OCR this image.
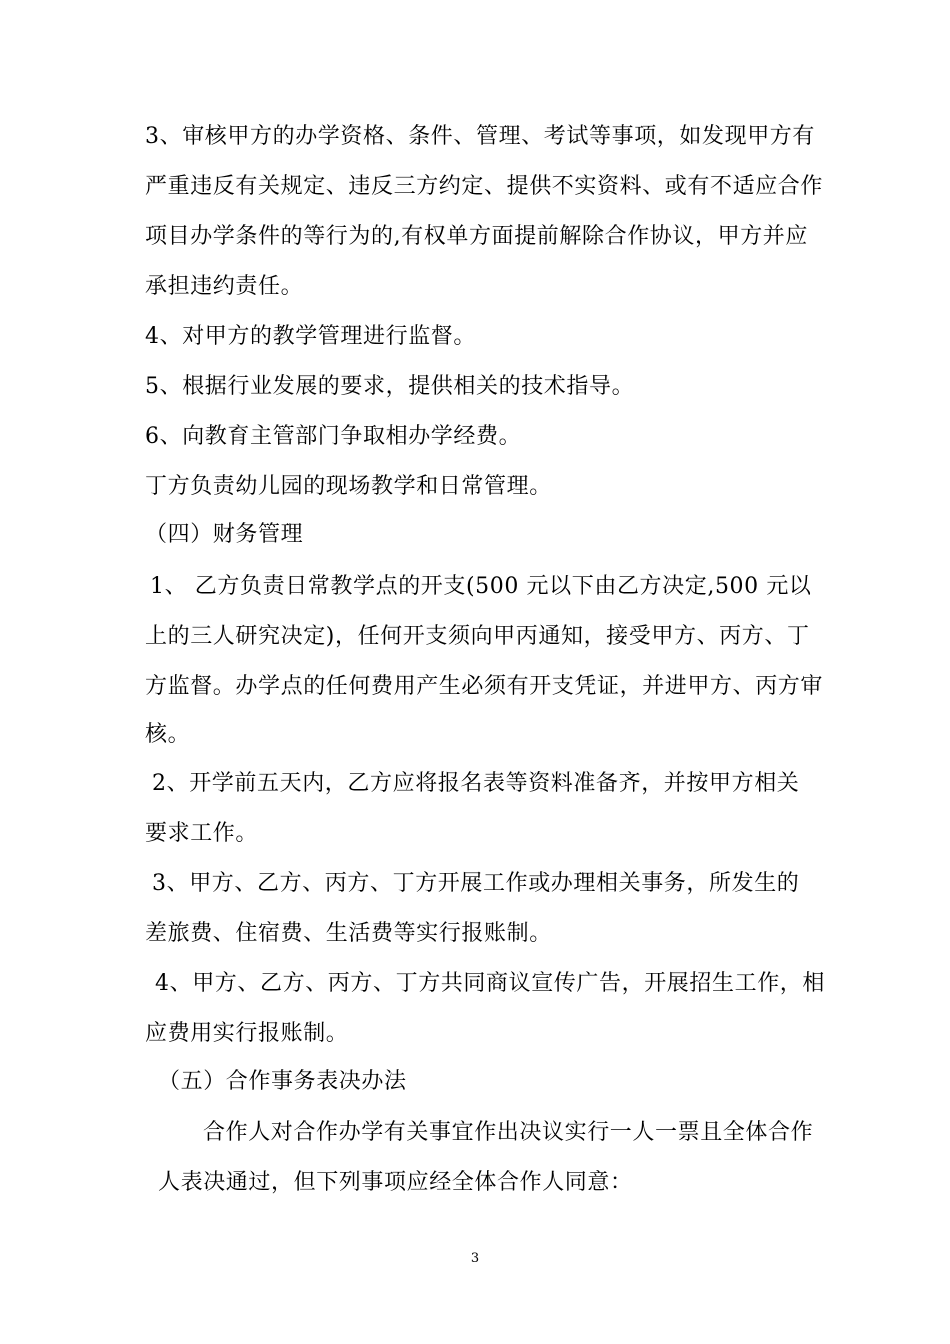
3、审核甲方的办学资格、条件、管理、考试等事项，如发现甲方有
严重违反有关规定、违反三方约定、提供不实资料、或有不适应合作
项目办学条件的等行为的,有权单方面提前解除合作协议，甲方并应
承担违约责任。
4、对甲方的教学管理进行监督。
5、根据行业发展的要求，提供相关的技术指导。
6、向教育主管部门争取相办学经费。
丁方负责幼儿园的现场教学和日常管理。
（四）财务管理
1、 乙方负责日常教学点的开支(500 元以下由乙方决定,500 元以
上的三人研究决定)，任何开支须向甲丙通知，接受甲方、丙方、丁
方监督。办学点的任何费用产生必须有开支凭证，并进甲方、丙方审
核。
2、开学前五天内，乙方应将报名表等资料准备齐，并按甲方相关
要求工作。
3、甲方、乙方、丙方、丁方开展工作或办理相关事务，所发生的
差旅费、住宿费、生活费等实行报账制。
4、甲方、乙方、丙方、丁方共同商议宣传广告，开展招生工作，相
应费用实行报账制。
（五）合作事务表决办法
合作人对合作办学有关事宜作出决议实行一人一票且全体合作
人表决通过，但下列事项应经全体合作人同意：
3
